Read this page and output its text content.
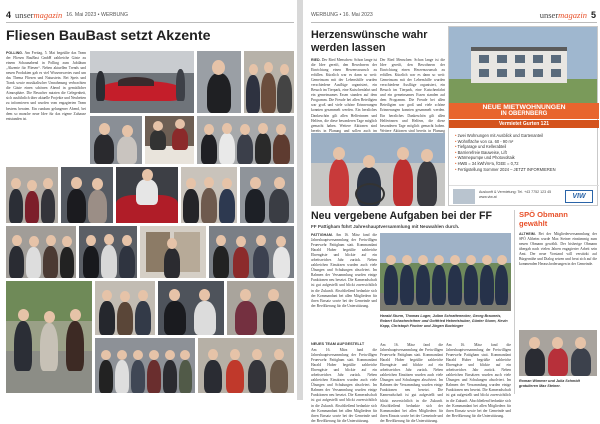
4 unsermagazin 16. Mai 2023 • WERBUNG
Fliesen BauBast setzt Akzente
POLLING. Am Freitag, 5. Mai begrüßte das Team der Fliesen BauBast GmbH zahlreiche Gäste zu einem Schaunabend in Polling zum Jubiläum „Akzente für Fliesen“. Neben aktuellen Trends und neuen Produkten gab es viel Wissenswertes rund um das Thema Fliesen und Naturstein. Bei Speis und Trank sowie musikalischer Umrahmung verbrachten die Gäste einen schönen Abend in gemütlicher Atmosphäre. Die Besucher nutzten die Gelegenheit, sich ausführlich über aktuelle Projekte und Neuheiten zu informieren und wurden vom engagierten Team bestens beraten. Ein rundum gelungener Abend, bei dem so manche neue Idee für das eigene Zuhause entstanden ist.
WERBUNG • 16. Mai 2023	unsermagazin 5
Herzenswünsche wahr
werden lassen
RIED. Der Ried Menschen: Schon lange ist die Idee gereift, den Bewohnern der Einrichtung einen Herzenswunsch zu erfüllen. Kürzlich war es dann so weit: Gemeinsam mit der Lebenshilfe wurden verschiedene Ausflüge organisiert, ein Besuch im Tierpark, eine Kutschenfahrt und ein gemeinsames Essen standen auf dem Programm. Die Freude bei allen Beteiligten war groß und viele schöne Erinnerungen konnten gesammelt werden. Ein herzliches Dankeschön gilt allen Helferinnen und Helfern, die diese besonderen Tage möglich gemacht haben. Weitere Aktionen sind bereits in Planung und sollen auch im
Der Ried Menschen: Schon lange ist die Idee gereift, den Bewohnern der Einrichtung einen Herzenswunsch zu erfüllen. Kürzlich war es dann so weit: Gemeinsam mit der Lebenshilfe wurden verschiedene Ausflüge organisiert, ein Besuch im Tierpark, eine Kutschenfahrt und ein gemeinsames Essen standen auf dem Programm. Die Freude bei allen Beteiligten war groß und viele schöne Erinnerungen konnten gesammelt werden. Ein herzliches Dankeschön gilt allen Helferinnen und Helfern, die diese besonderen Tage möglich gemacht haben. Weitere Aktionen sind bereits in Planung
NEUE MIETWOHNUNGEN
IN OBERNBERG
Vermietet Gurten 121
• zwei Wohnungen mit Ausblick und Gartenanteil
• Wohnfläche von ca. 60 - 90 m²
• Tiefgarage und Kellerabteil
• Barrierefreie Bauweise, Lift
• Wärmepumpe und Photovoltaik
• HWB = 34 kWh/m²a, fGEE = 0,72
• Fertigstellung Sommer 2024 – JETZT INFORMIEREN
Auskunft & Vermietung: Tel. +43 7752 123 45
www.viw.at	VIW
Neu vergebene Aufgaben bei der FF
FF Pattigham führt Jahreshauptversammlung mit Neuwahlen durch.
PATTIGHAM. Am 16. März fand die Jahreshauptversammlung der Freiwilligen Feuerwehr Pattigham statt. Kommandant Harald Huber begrüßte zahlreiche Ehrengäste und blickte auf ein arbeitsreiches Jahr zurück. Neben zahlreichen Einsätzen wurden auch viele Übungen und Schulungen absolviert. Im Rahmen der Versammlung wurden einige Funktionen neu besetzt. Die Kameradschaft ist gut aufgestellt und blickt zuversichtlich in die Zukunft. Abschließend bedankte sich der Kommandant bei allen Mitgliedern für ihren Einsatz sowie bei der Gemeinde und der Bevölkerung für die Unterstützung.
NEUES TEAM AUFGESTELLT
Am 16. März fand die Jahreshauptversammlung der Freiwilligen Feuerwehr Pattigham statt. Kommandant Harald Huber begrüßte zahlreiche Ehrengäste und blickte auf ein arbeitsreiches Jahr zurück. Neben zahlreichen Einsätzen wurden auch viele Übungen und Schulungen absolviert. Im Rahmen der Versammlung wurden einige Funktionen neu besetzt. Die Kameradschaft ist gut aufgestellt und blickt zuversichtlich in die Zukunft. Abschließend bedankte sich der Kommandant bei allen Mitgliedern für ihren Einsatz sowie bei der Gemeinde und der Bevölkerung für die Unterstützung.
Harald Sturm, Thomas Luger, Julian Schrattenecker, Georg Brauneis, Robert Schacherleitner und Gottfried Hebertshuber, Günter Sturm, Kevin Kapp, Christoph Fischer und Jürgen Buchinger
Am 16. März fand die Jahreshauptversammlung der Freiwilligen Feuerwehr Pattigham statt. Kommandant Harald Huber begrüßte zahlreiche Ehrengäste und blickte auf ein arbeitsreiches Jahr zurück. Neben zahlreichen Einsätzen wurden auch viele Übungen und Schulungen absolviert. Im Rahmen der Versammlung wurden einige Funktionen neu besetzt. Die Kameradschaft ist gut aufgestellt und blickt zuversichtlich in die Zukunft. Abschließend bedankte sich der Kommandant bei allen Mitgliedern für ihren Einsatz sowie bei der Gemeinde und der Bevölkerung für die Unterstützung.
Am 16. März fand die Jahreshauptversammlung der Freiwilligen Feuerwehr Pattigham statt. Kommandant Harald Huber begrüßte zahlreiche Ehrengäste und blickte auf ein arbeitsreiches Jahr zurück. Neben zahlreichen Einsätzen wurden auch viele Übungen und Schulungen absolviert. Im Rahmen der Versammlung wurden einige Funktionen neu besetzt. Die Kameradschaft ist gut aufgestellt und blickt zuversichtlich in die Zukunft. Abschließend bedankte sich der Kommandant bei allen Mitgliedern für ihren Einsatz sowie bei der Gemeinde und der Bevölkerung für die Unterstützung.
SPÖ Obmann
gewählt
ALTHEIM. Bei der Mitgliederversammlung der SPÖ Altheim wurde Max Steiner einstimmig zum neuen Obmann gewählt. Der bisherige Obmann übergab nach vielen Jahren engagierter Arbeit sein Amt. Der neue Vorstand will verstärkt auf Bürgernähe und Dialog setzen und freut sich auf die kommenden Herausforderungen in der Gemeinde.
Roman Wimmer und Julia Schmidt gratulieren Max Steiner.
